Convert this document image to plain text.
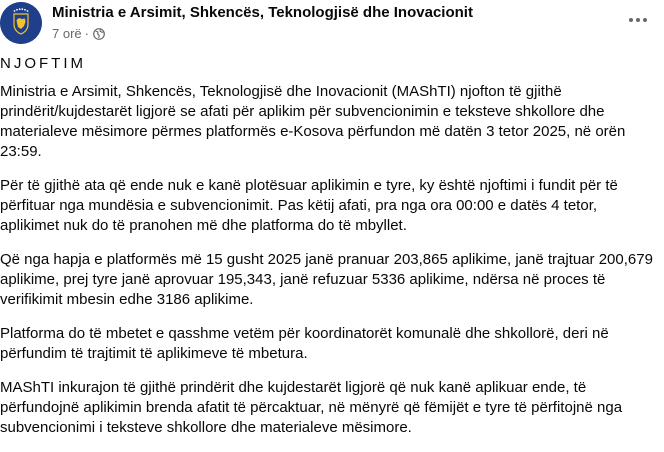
Ministria e Arsimit, Shkencës, Teknologjisë dhe Inovacionit
7 orë ·

NJOFTIM

Ministria e Arsimit, Shkencës, Teknologjisë dhe Inovacionit (MAShTI) njofton të gjithë prindërit/kujdestarët ligjorë se afati për aplikim për subvencionimin e teksteve shkollore dhe materialeve mësimore përmes platformës e-Kosova përfundon më datën 3 tetor 2025, në orën 23:59.

Për të gjithë ata që ende nuk e kanë plotësuar aplikimin e tyre, ky është njoftimi i fundit për të përfituar nga mundësia e subvencionimit. Pas këtij afati, pra nga ora 00:00 e datës 4 tetor, aplikimet nuk do të pranohen më dhe platforma do të mbyllet.

Që nga hapja e platformës më 15 gusht 2025 janë pranuar 203,865 aplikime, janë trajtuar 200,679 aplikime, prej tyre janë aprovuar 195,343, janë refuzuar 5336 aplikime, ndërsa në proces të verifikimit mbesin edhe 3186 aplikime.

Platforma do të mbetet e qasshme vetëm për koordinatorët komunalë dhe shkollorë, deri në përfundim të trajtimit të aplikimeve të mbetura.

MAShTI inkurajon të gjithë prindërit dhe kujdestarët ligjorë që nuk kanë aplikuar ende, të përfundojnë aplikimin brenda afatit të përcaktuar, në mënyrë që fëmijët e tyre të përfitojnë nga subvencionimi i teksteve shkollore dhe materialeve mësimore.
